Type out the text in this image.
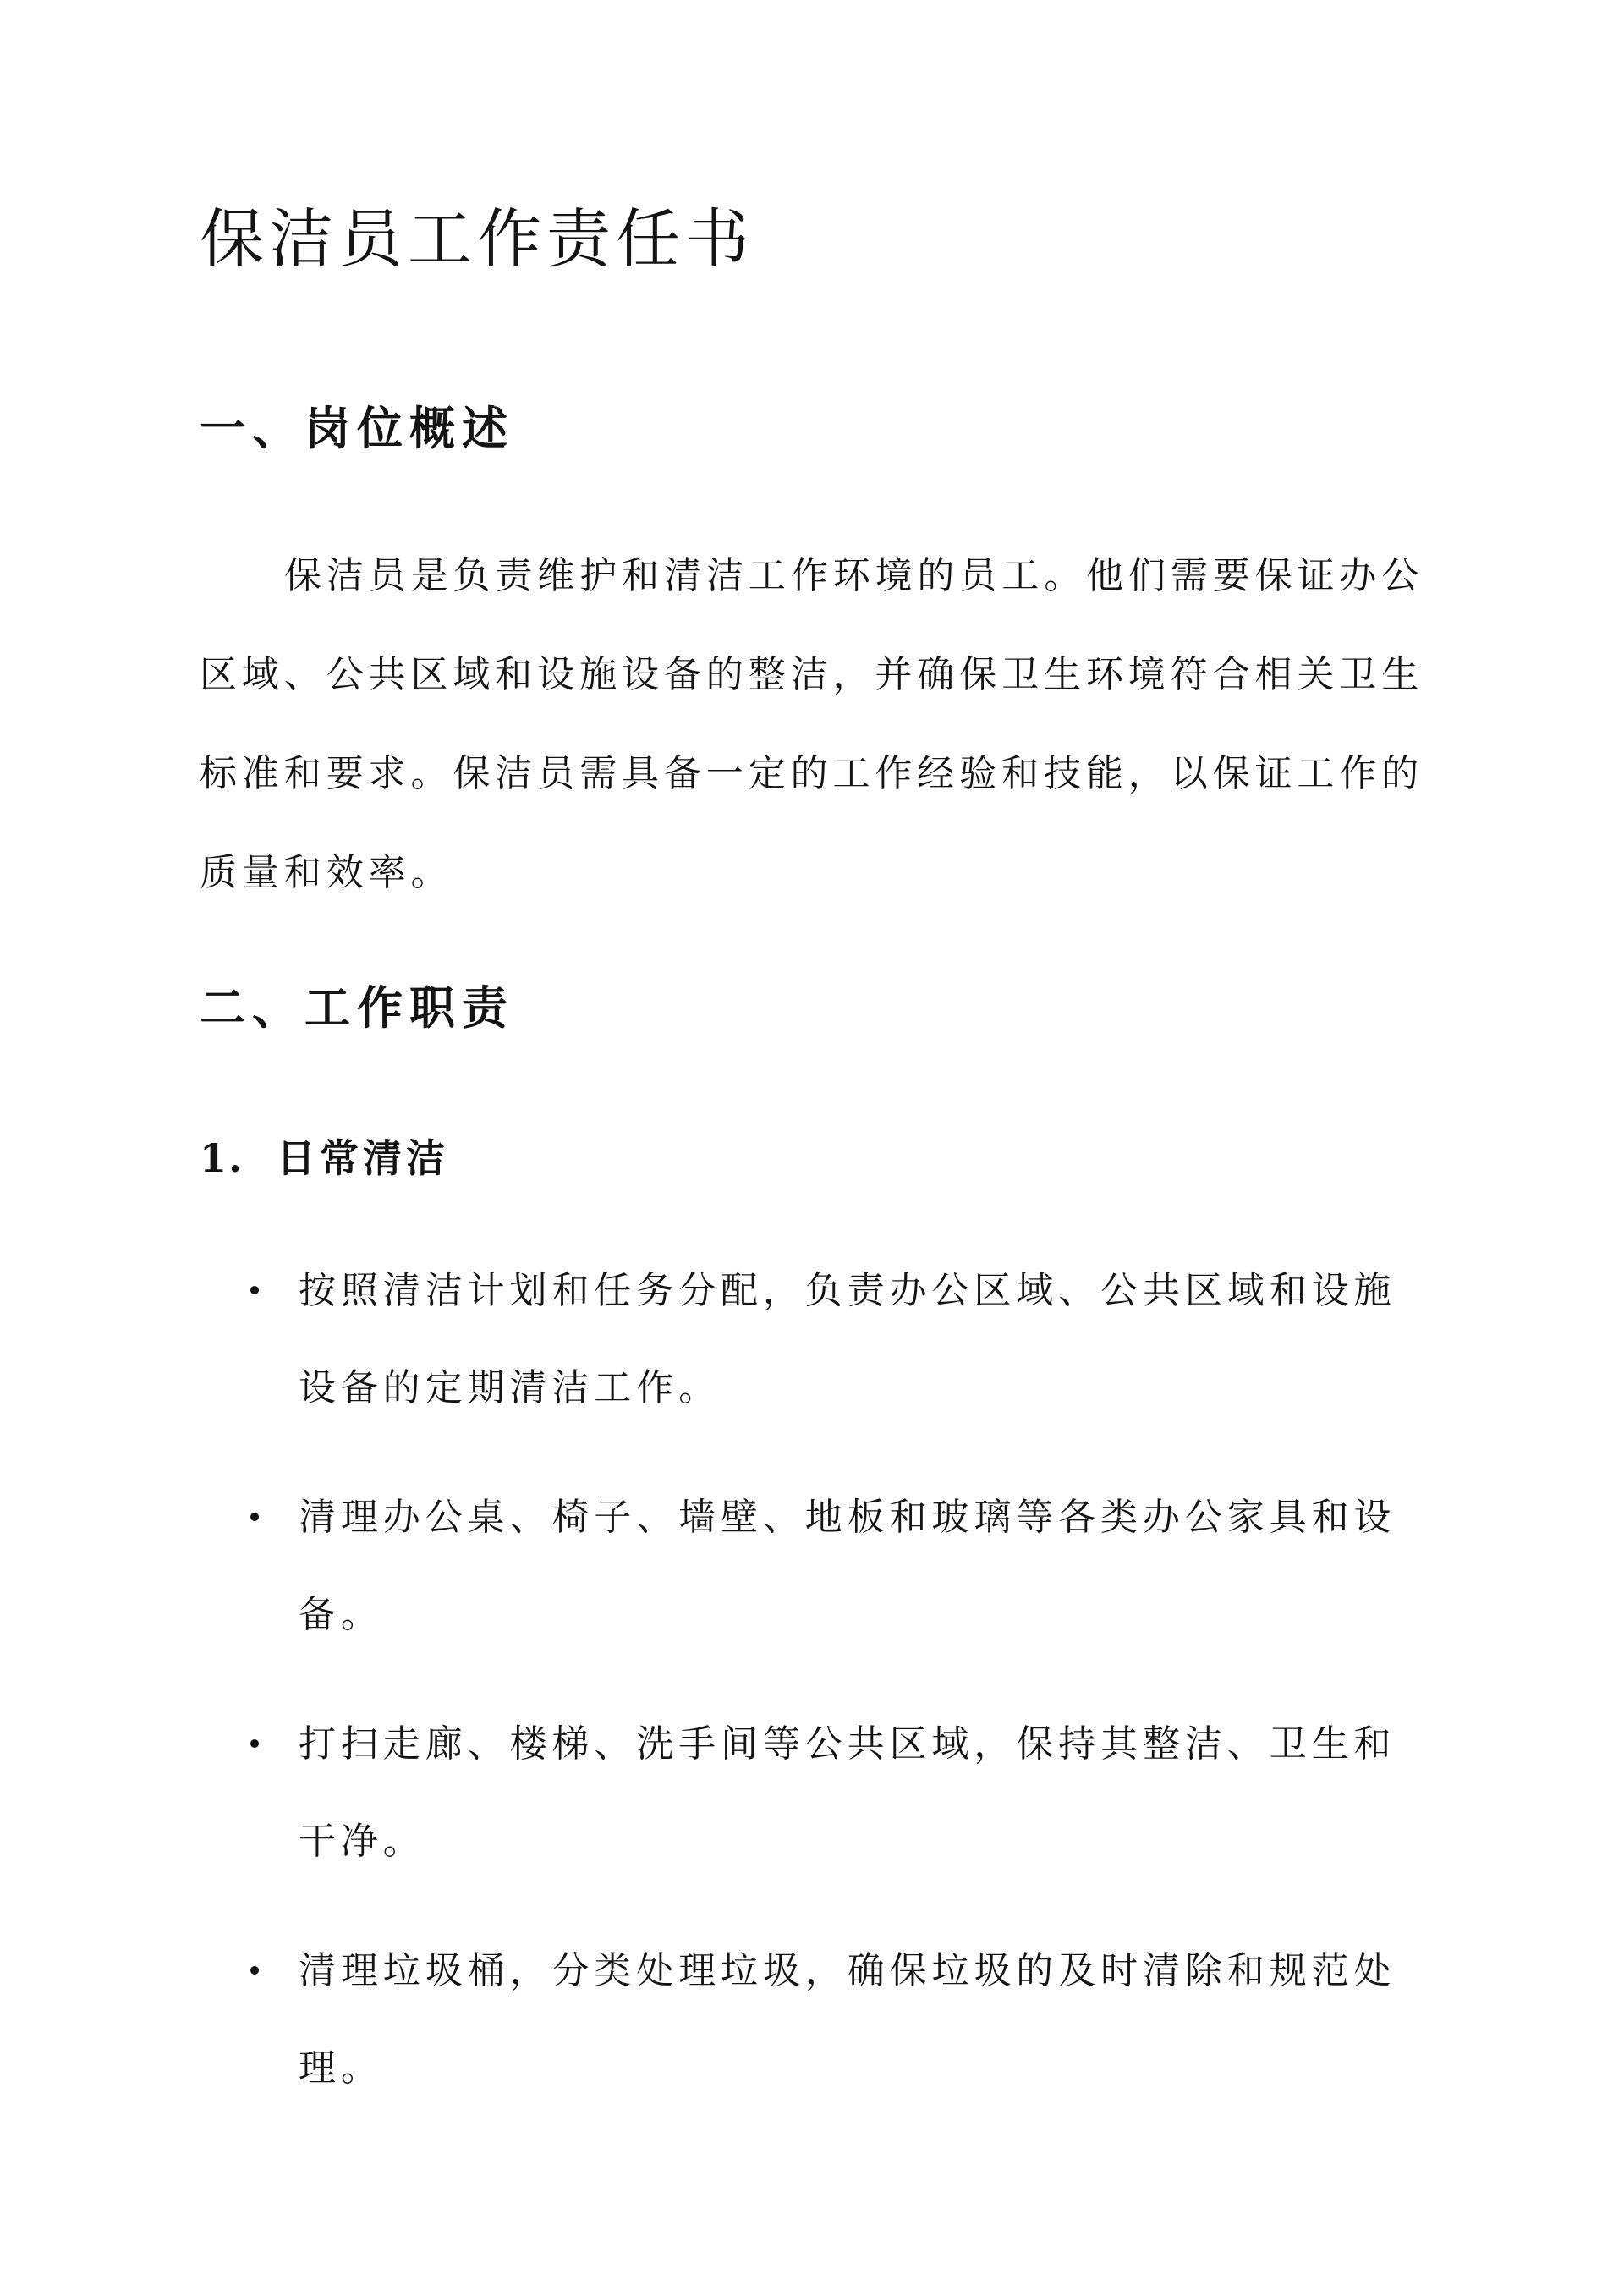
保洁员工作责任书
一、岗位概述
保洁员是负责维护和清洁工作环境的员工。他们需要保证办公
区域、公共区域和设施设备的整洁，并确保卫生环境符合相关卫生
标准和要求。保洁员需具备一定的工作经验和技能，以保证工作的
质量和效率。
二、工作职责
1. 日常清洁
按照清洁计划和任务分配，负责办公区域、公共区域和设施
设备的定期清洁工作。
清理办公桌、椅子、墙壁、地板和玻璃等各类办公家具和设
备。
打扫走廊、楼梯、洗手间等公共区域，保持其整洁、卫生和
干净。
清理垃圾桶，分类处理垃圾，确保垃圾的及时清除和规范处
理。
